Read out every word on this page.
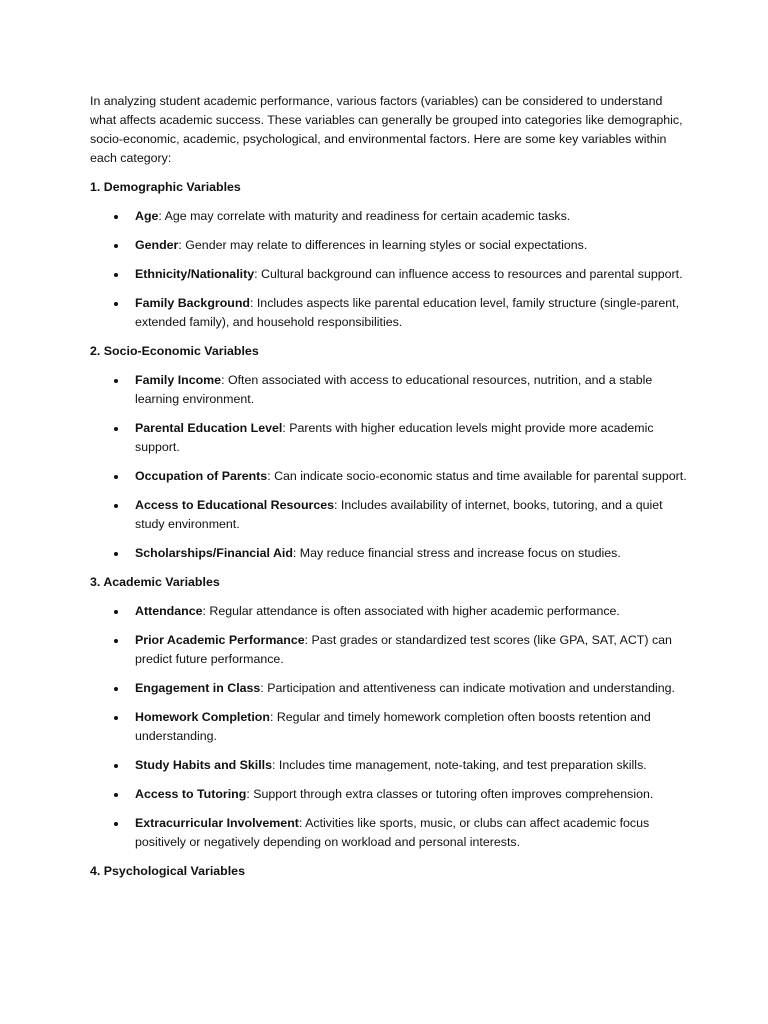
In analyzing student academic performance, various factors (variables) can be considered to understand what affects academic success. These variables can generally be grouped into categories like demographic, socio-economic, academic, psychological, and environmental factors. Here are some key variables within each category:

1. Demographic Variables
Age: Age may correlate with maturity and readiness for certain academic tasks.
Gender: Gender may relate to differences in learning styles or social expectations.
Ethnicity/Nationality: Cultural background can influence access to resources and parental support.
Family Background: Includes aspects like parental education level, family structure (single-parent, extended family), and household responsibilities.
2. Socio-Economic Variables
Family Income: Often associated with access to educational resources, nutrition, and a stable learning environment.
Parental Education Level: Parents with higher education levels might provide more academic support.
Occupation of Parents: Can indicate socio-economic status and time available for parental support.
Access to Educational Resources: Includes availability of internet, books, tutoring, and a quiet study environment.
Scholarships/Financial Aid: May reduce financial stress and increase focus on studies.
3. Academic Variables
Attendance: Regular attendance is often associated with higher academic performance.
Prior Academic Performance: Past grades or standardized test scores (like GPA, SAT, ACT) can predict future performance.
Engagement in Class: Participation and attentiveness can indicate motivation and understanding.
Homework Completion: Regular and timely homework completion often boosts retention and understanding.
Study Habits and Skills: Includes time management, note-taking, and test preparation skills.
Access to Tutoring: Support through extra classes or tutoring often improves comprehension.
Extracurricular Involvement: Activities like sports, music, or clubs can affect academic focus positively or negatively depending on workload and personal interests.
4. Psychological Variables
